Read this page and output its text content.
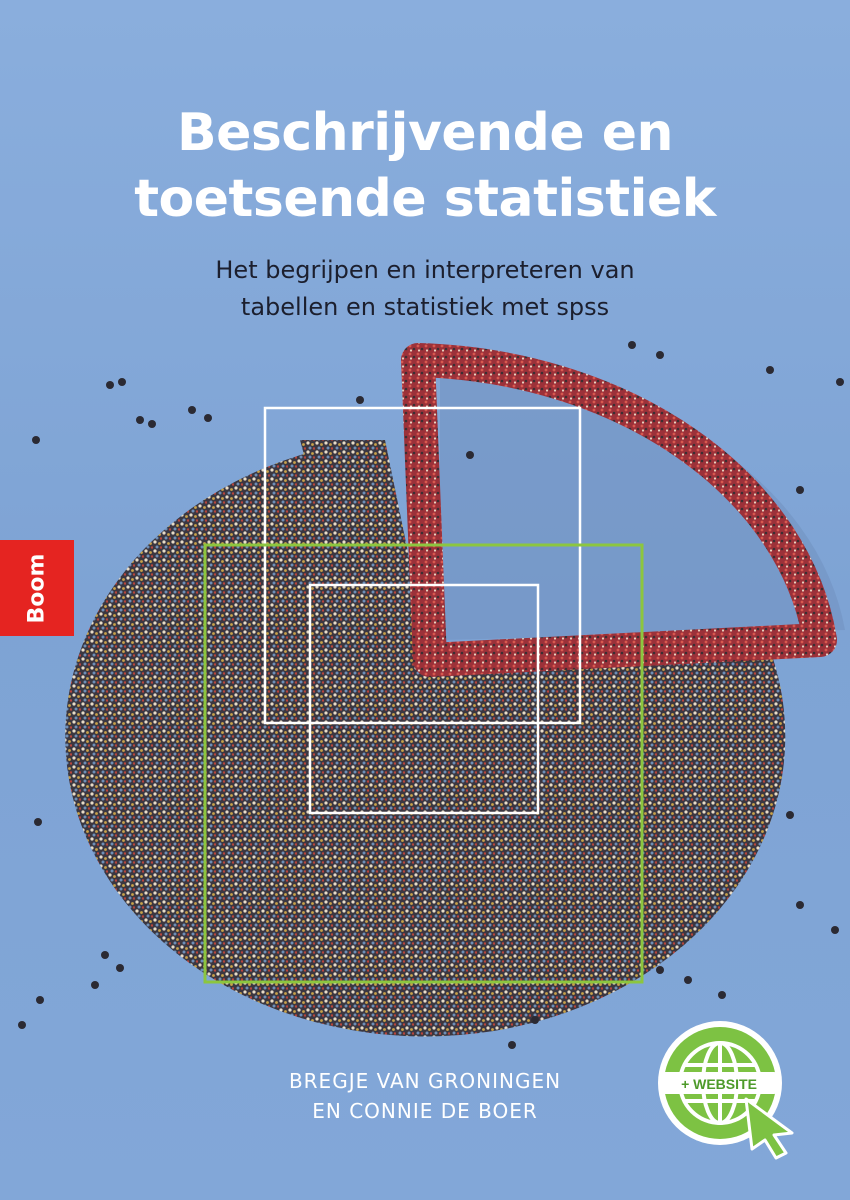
Beschrijvende en
toetsende statistiek
Het begrijpen en interpreteren van
tabellen en statistiek met spss
Boom
BREGJE VAN GRONINGEN
EN CONNIE DE BOER
+ WEBSITE
